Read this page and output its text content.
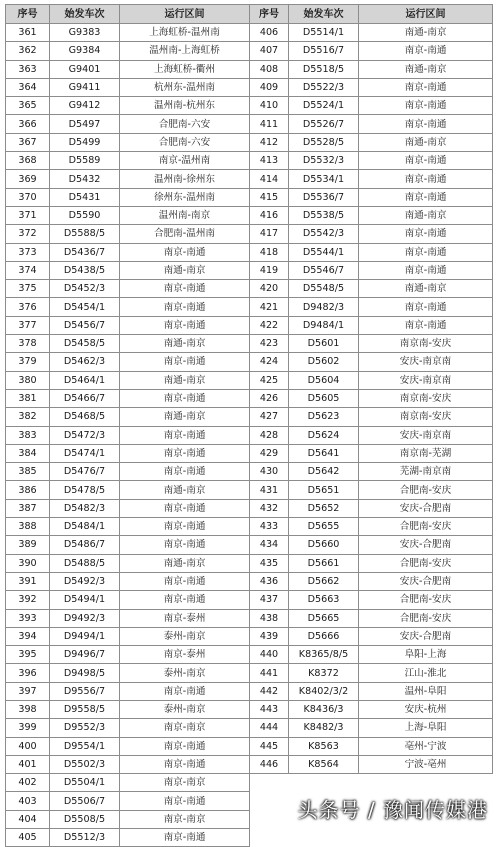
序号	始发车次	运行区间	序号	始发车次	运行区间
361	G9383	上海虹桥-温州南	406	D5514/1	南通-南京
362	G9384	温州南-上海虹桥	407	D5516/7	南京-南通
363	G9401	上海虹桥-衢州	408	D5518/5	南通-南京
364	G9411	杭州东-温州南	409	D5522/3	南京-南通
365	G9412	温州南-杭州东	410	D5524/1	南京-南通
366	D5497	合肥南-六安	411	D5526/7	南京-南通
367	D5499	合肥南-六安	412	D5528/5	南通-南京
368	D5589	南京-温州南	413	D5532/3	南京-南通
369	D5432	温州南-徐州东	414	D5534/1	南京-南通
370	D5431	徐州东-温州南	415	D5536/7	南京-南通
371	D5590	温州南-南京	416	D5538/5	南通-南京
372	D5588/5	合肥南-温州南	417	D5542/3	南京-南通
373	D5436/7	南京-南通	418	D5544/1	南京-南通
374	D5438/5	南通-南京	419	D5546/7	南京-南通
375	D5452/3	南京-南通	420	D5548/5	南通-南京
376	D5454/1	南京-南通	421	D9482/3	南京-南通
377	D5456/7	南京-南通	422	D9484/1	南京-南通
378	D5458/5	南通-南京	423	D5601	南京南-安庆
379	D5462/3	南京-南通	424	D5602	安庆-南京南
380	D5464/1	南通-南京	425	D5604	安庆-南京南
381	D5466/7	南京-南通	426	D5605	南京南-安庆
382	D5468/5	南通-南京	427	D5623	南京南-安庆
383	D5472/3	南京-南通	428	D5624	安庆-南京南
384	D5474/1	南京-南通	429	D5641	南京南-芜湖
385	D5476/7	南京-南通	430	D5642	芜湖-南京南
386	D5478/5	南通-南京	431	D5651	合肥南-安庆
387	D5482/3	南京-南通	432	D5652	安庆-合肥南
388	D5484/1	南京-南通	433	D5655	合肥南-安庆
389	D5486/7	南京-南通	434	D5660	安庆-合肥南
390	D5488/5	南通-南京	435	D5661	合肥南-安庆
391	D5492/3	南京-南通	436	D5662	安庆-合肥南
392	D5494/1	南京-南通	437	D5663	合肥南-安庆
393	D9492/3	南京-泰州	438	D5665	合肥南-安庆
394	D9494/1	泰州-南京	439	D5666	安庆-合肥南
395	D9496/7	南京-泰州	440	K8365/8/5	阜阳-上海
396	D9498/5	泰州-南京	441	K8372	江山-淮北
397	D9556/7	南京-南通	442	K8402/3/2	温州-阜阳
398	D9558/5	泰州-南京	443	K8436/3	安庆-杭州
399	D9552/3	南京-南京	444	K8482/3	上海-阜阳
400	D9554/1	南京-南通	445	K8563	亳州-宁波
401	D5502/3	南京-南通	446	K8564	宁波-亳州
402	D5504/1	南京-南京			
403	D5506/7	南京-南通			
404	D5508/5	南京-南京			
405	D5512/3	南京-南通			
头条号 / 豫闻传媒港
